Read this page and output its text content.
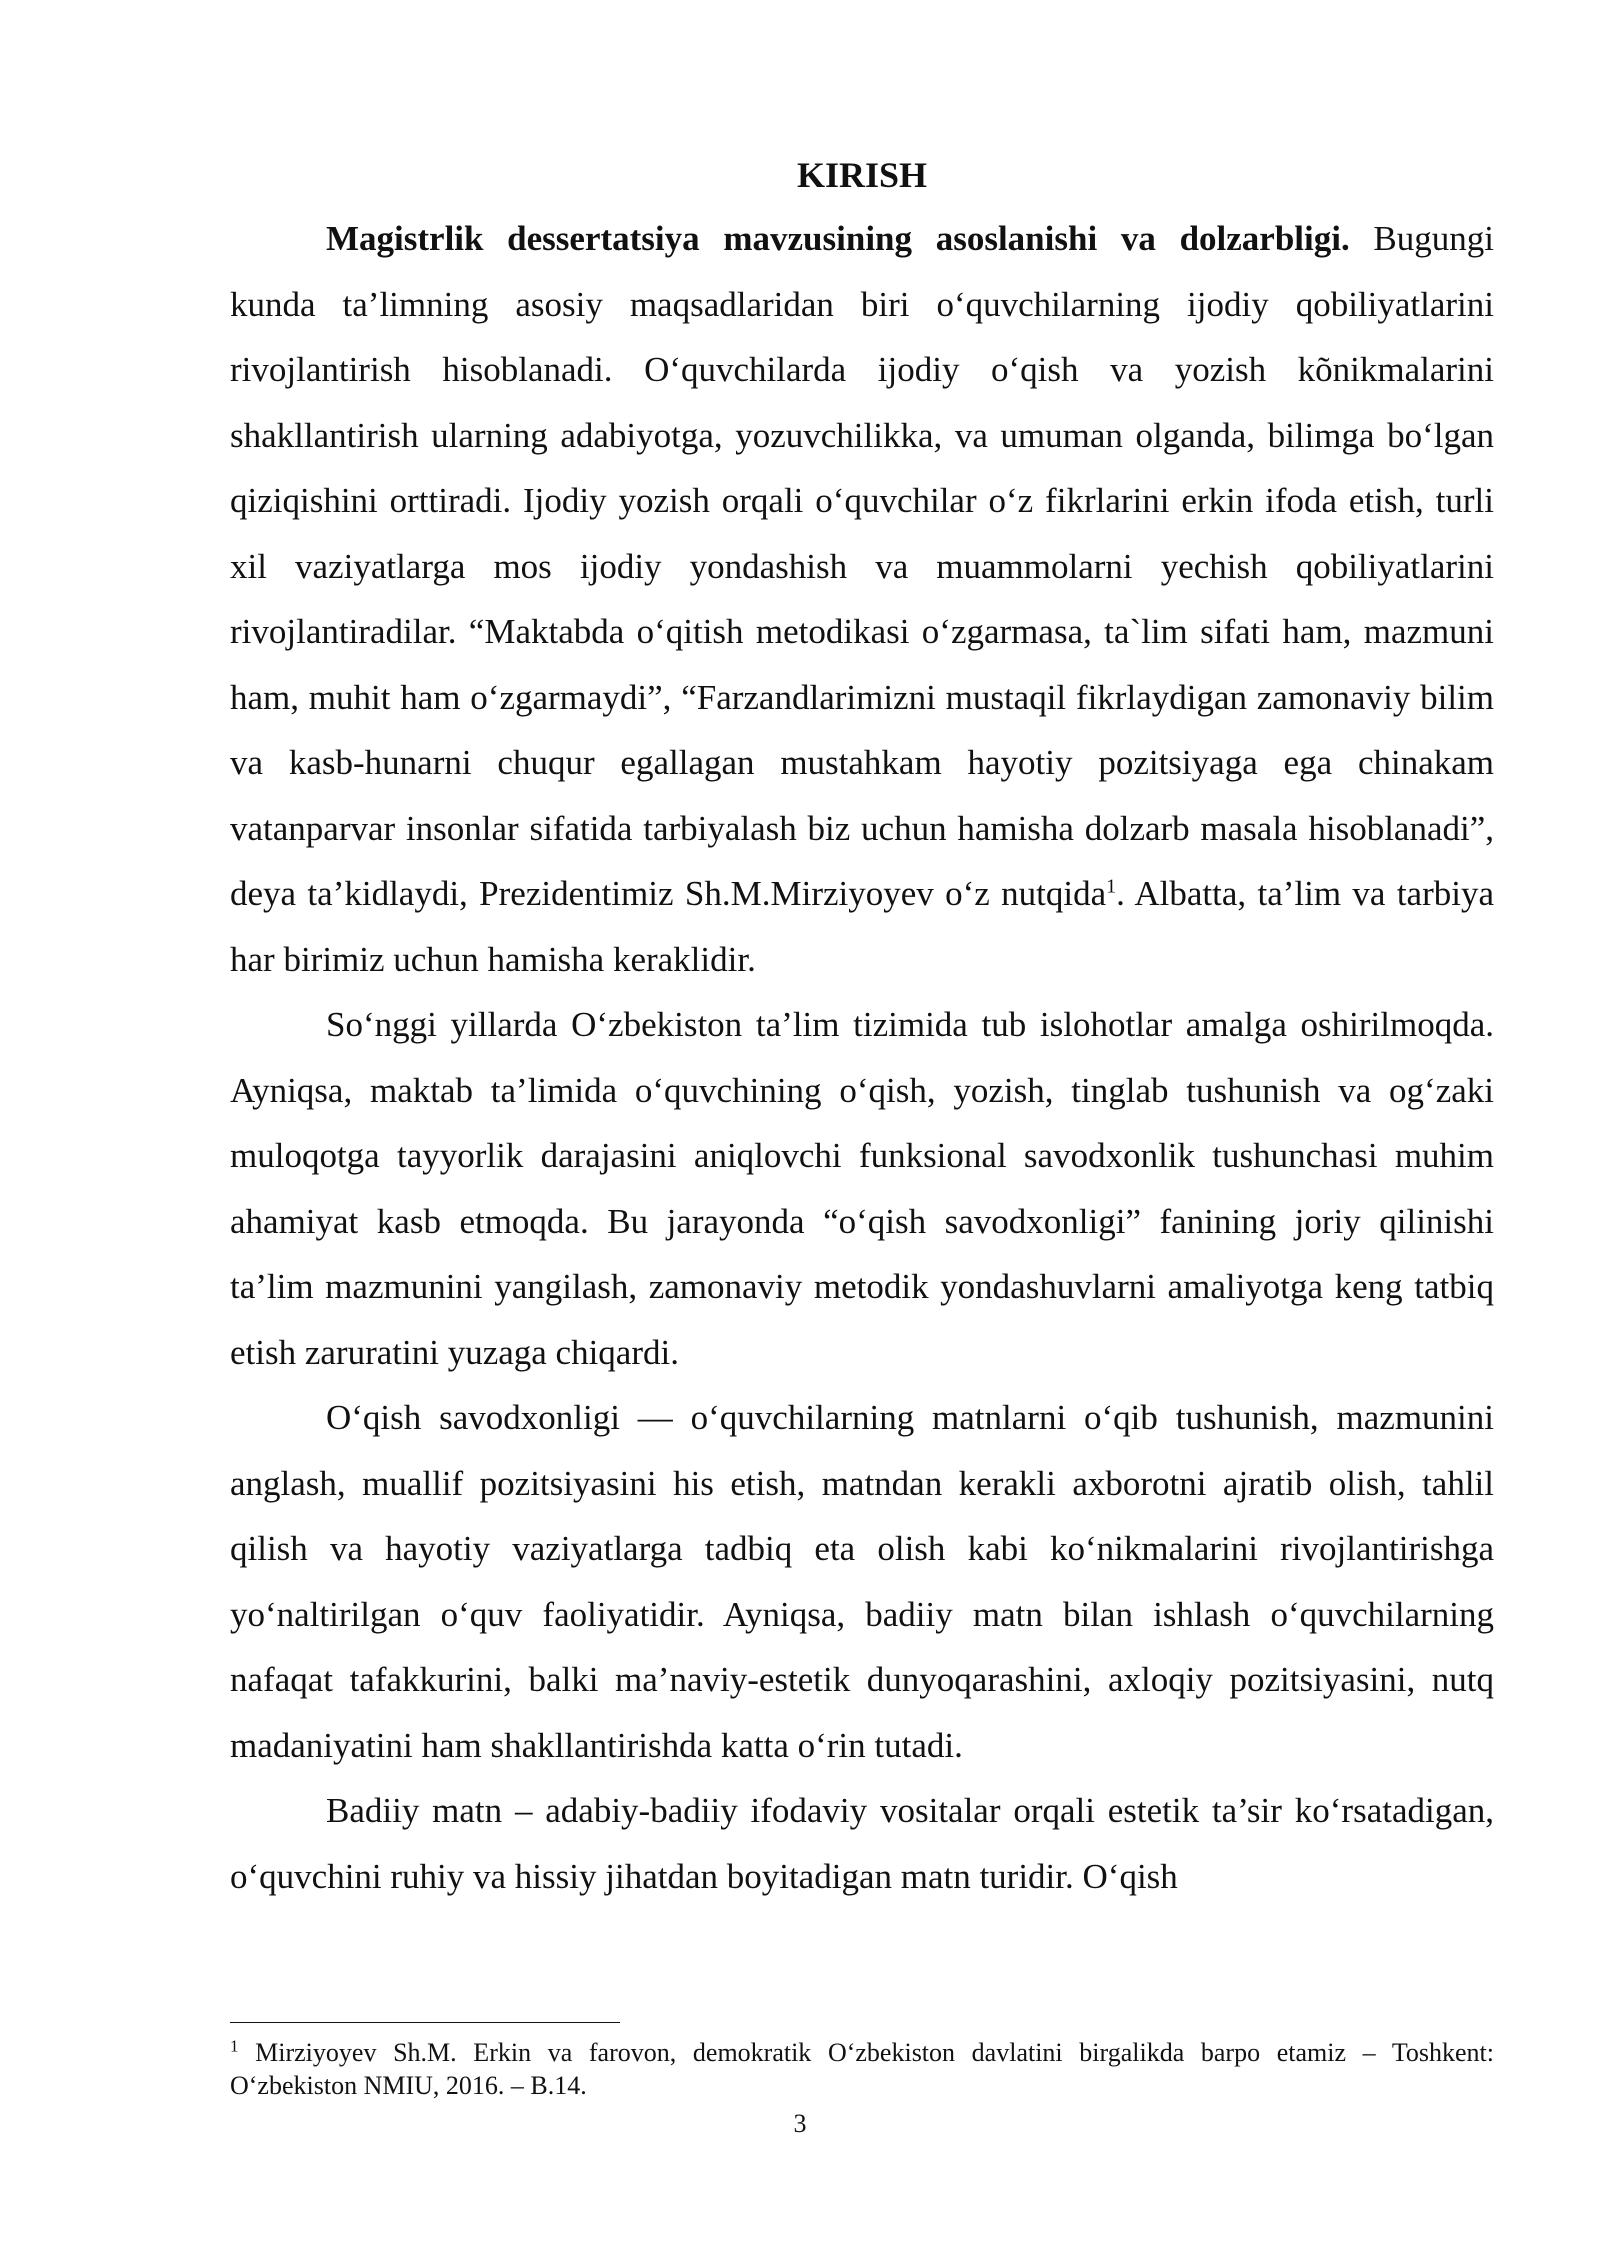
KIRISH

Magistrlik dessertatsiya mavzusining asoslanishi va dolzarbligi. Bugungi kunda ta’limning asosiy maqsadlaridan biri o‘quvchilarning ijodiy qobiliyatlarini rivojlantirish hisoblanadi. O‘quvchilarda ijodiy o‘qish va yozish kõnikmalarini shakllantirish ularning adabiyotga, yozuvchilikka, va umuman olganda, bilimga bo‘lgan qiziqishini orttiradi. Ijodiy yozish orqali o‘quvchilar o‘z fikrlarini erkin ifoda etish, turli xil vaziyatlarga mos ijodiy yondashish va muammolarni yechish qobiliyatlarini rivojlantiradilar. “Maktabda o‘qitish metodikasi o‘zgarmasa, ta`lim sifati ham, mazmuni ham, muhit ham o‘zgarmaydi”, “Farzandlarimizni mustaqil fikrlaydigan zamonaviy bilim va kasb-hunarni chuqur egallagan mustahkam hayotiy pozitsiyaga ega chinakam vatanparvar insonlar sifatida tarbiyalash biz uchun hamisha dolzarb masala hisoblanadi”, deya ta’kidlaydi, Prezidentimiz Sh.M.Mirziyoyev o‘z nutqida$^1$. Albatta, ta’lim va tarbiya har birimiz uchun hamisha keraklidir.

So‘nggi yillarda O‘zbekiston ta’lim tizimida tub islohotlar amalga oshirilmoqda. Ayniqsa, maktab ta’limida o‘quvchining o‘qish, yozish, tinglab tushunish va og‘zaki muloqotga tayyorlik darajasini aniqlovchi funksional savodxonlik tushunchasi muhim ahamiyat kasb etmoqda. Bu jarayonda “o‘qish savodxonligi” fanining joriy qilinishi ta’lim mazmunini yangilash, zamonaviy metodik yondashuvlarni amaliyotga keng tatbiq etish zaruratini yuzaga chiqardi.

O‘qish savodxonligi — o‘quvchilarning matnlarni o‘qib tushunish, mazmunini anglash, muallif pozitsiyasini his etish, matndan kerakli axborotni ajratib olish, tahlil qilish va hayotiy vaziyatlarga tadbiq eta olish kabi ko‘nikmalarini rivojlantirishga yo‘naltirilgan o‘quv faoliyatidir. Ayniqsa, badiiy matn bilan ishlash o‘quvchilarning nafaqat tafakkurini, balki ma’naviy-estetik dunyoqarashini, axloqiy pozitsiyasini, nutq madaniyatini ham shakllantirishda katta o‘rin tutadi.

Badiiy matn – adabiy-badiiy ifodaviy vositalar orqali estetik ta’sir ko‘rsatadigan, o‘quvchini ruhiy va hissiy jihatdan boyitadigan matn turidir. O‘qish

$^1$ Mirziyoyev Sh.M. Erkin va farovon, demokratik O‘zbekiston davlatini birgalikda barpo etamiz – Toshkent: O‘zbekiston NMIU, 2016. – B.14.
3
